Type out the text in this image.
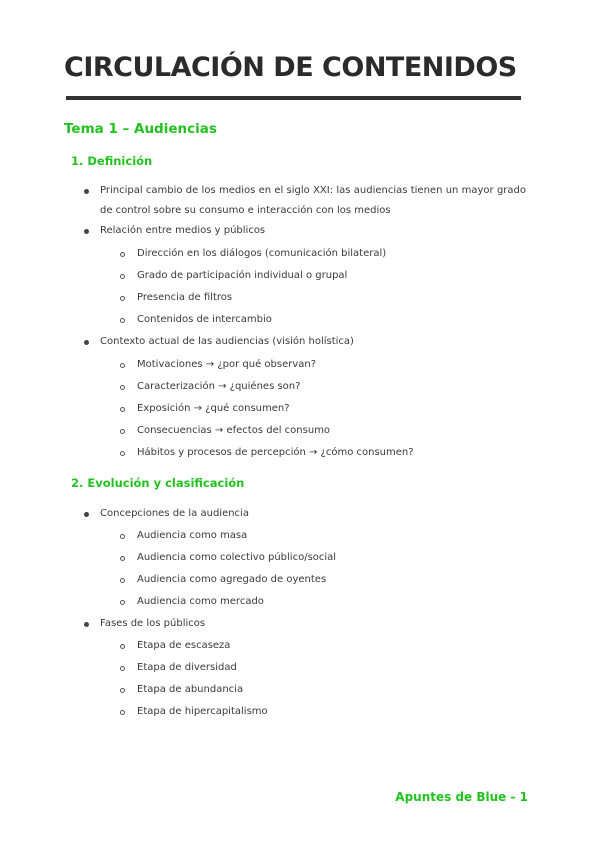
CIRCULACIÓN DE CONTENIDOS
Tema 1 – Audiencias
1. Definición
Principal cambio de los medios en el siglo XXI: las audiencias tienen un mayor grado de control sobre su consumo e interacción con los medios
Relación entre medios y públicos
Dirección en los diálogos (comunicación bilateral)
Grado de participación individual o grupal
Presencia de filtros
Contenidos de intercambio
Contexto actual de las audiencias (visión holística)
Motivaciones → ¿por qué observan?
Caracterización → ¿quiénes son?
Exposición → ¿qué consumen?
Consecuencias → efectos del consumo
Hábitos y procesos de percepción → ¿cómo consumen?
2. Evolución y clasificación
Concepciones de la audiencia
Audiencia como masa
Audiencia como colectivo público/social
Audiencia como agregado de oyentes
Audiencia como mercado
Fases de los públicos
Etapa de escaseza
Etapa de diversidad
Etapa de abundancia
Etapa de hipercapitalismo
Apuntes de Blue - 1
